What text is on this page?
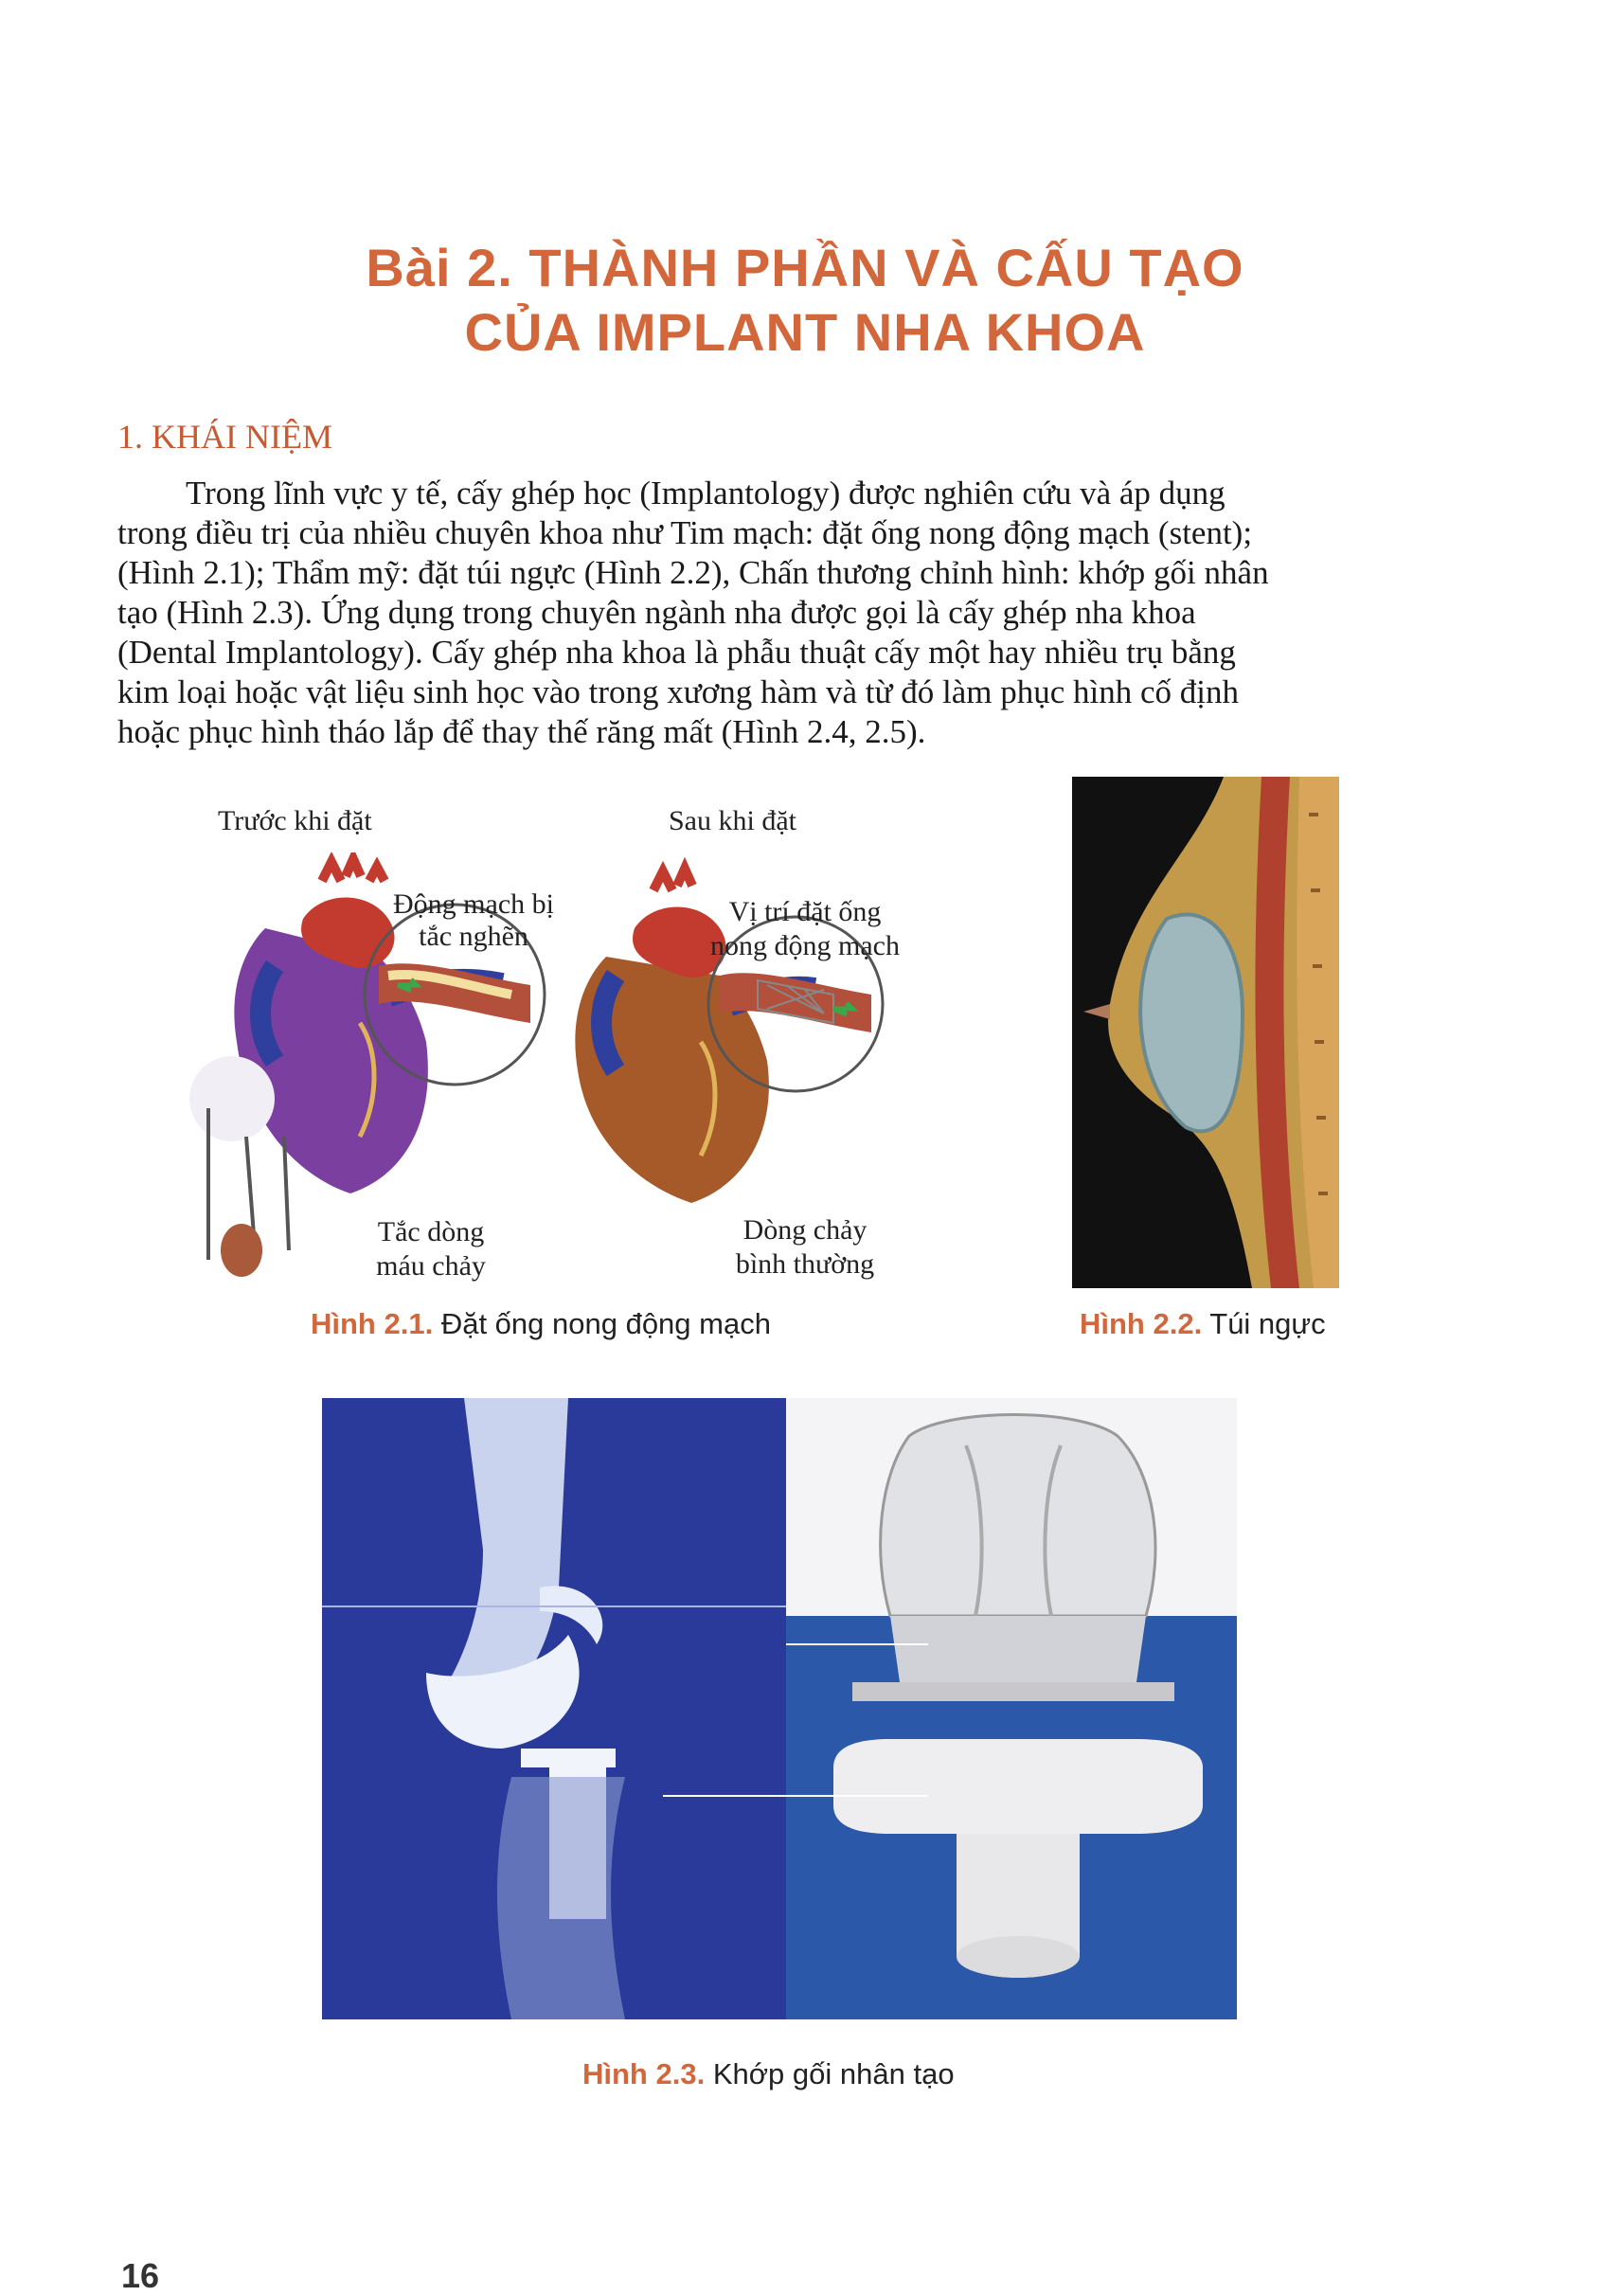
Bài 2. THÀNH PHẦN VÀ CẤU TẠO
CỦA IMPLANT NHA KHOA
1. KHÁI NIỆM
Trong lĩnh vực y tế, cấy ghép học (Implantology) được nghiên cứu và áp dụng
trong điều trị của nhiều chuyên khoa như Tim mạch: đặt ống nong động mạch (stent);
(Hình 2.1); Thẩm mỹ: đặt túi ngực (Hình 2.2), Chấn thương chỉnh hình: khớp gối nhân
tạo (Hình 2.3). Ứng dụng trong chuyên ngành nha được gọi là cấy ghép nha khoa
(Dental Implantology). Cấy ghép nha khoa là phẫu thuật cấy một hay nhiều trụ bằng
kim loại hoặc vật liệu sinh học vào trong xương hàm và từ đó làm phục hình cố định
hoặc phục hình tháo lắp để thay thế răng mất (Hình 2.4, 2.5).
Trước khi đặt	Sau khi đặt
Động mạch bị
tắc nghẽn
Vị trí đặt ống
nong động mạch
Tắc dòng
máu chảy
Dòng chảy
bình thường
Hình 2.1. Đặt ống nong động mạch	Hình 2.2. Túi ngực
Hình 2.3. Khớp gối nhân tạo
16
